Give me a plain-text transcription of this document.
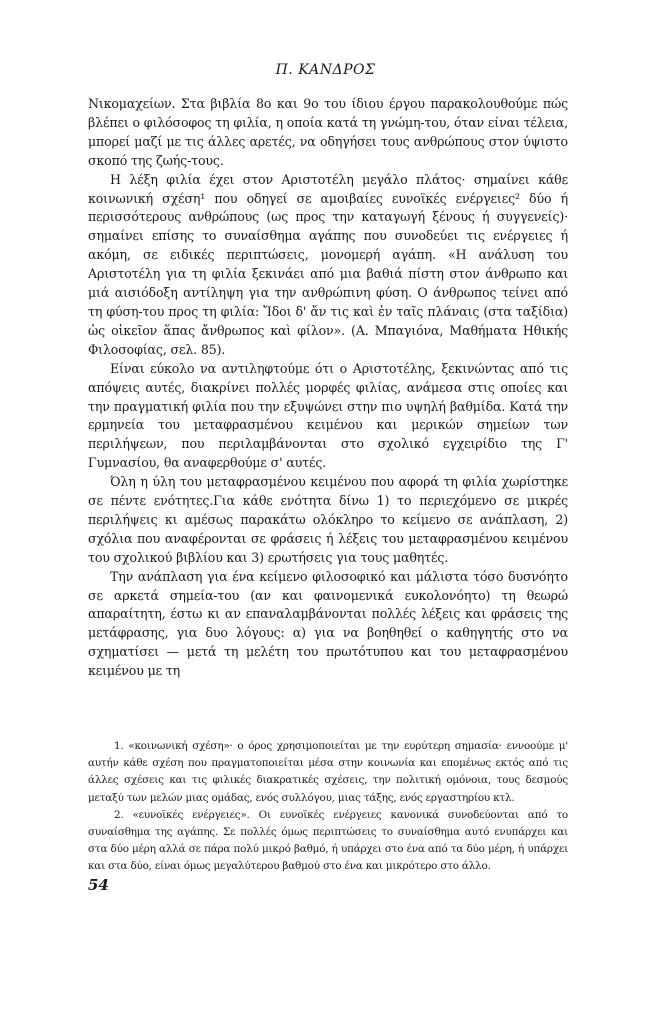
Π. ΚΑΝΔΡΟΣ

Νικομαχείων. Στα βιβλία 8ο και 9ο του ίδιου έργου παρακολουθούμε πώς βλέπει ο φιλόσοφος τη φιλία, η οποία κατά τη γνώμη-του, όταν είναι τέλεια, μπορεί μαζί με τις άλλες αρετές, να οδηγήσει τους ανθρώπους στον ύψιστο σκοπό της ζωής-τους.

Η λέξη φιλία έχει στον Αριστοτέλη μεγάλο πλάτος· σημαίνει κάθε κοινωνική σχέση¹ που οδηγεί σε αμοιβαίες ευνοϊκές ενέργειες² δύο ή περισσότερους ανθρώπους (ως προς την καταγωγή ξένους ή συγγενείς)· σημαίνει επίσης το συναίσθημα αγάπης που συνοδεύει τις ενέργειες ή ακόμη, σε ειδικές περιπτώσεις, μονομερή αγάπη. «Η ανάλυση του Αριστοτέλη για τη φιλία ξεκινάει από μια βαθιά πίστη στον άνθρωπο και μιά αισιόδοξη αντίληψη για την ανθρώπινη φύση. Ο άνθρωπος τείνει από τη φύση-του προς τη φιλία: Ἴδοι δ' ἄν τις καὶ ἐν ταῖς πλάναις (στα ταξίδια) ὡς οἰκεῖον ἅπας ἄνθρωπος καὶ φίλον». (Α. Μπαγιόνα, Μαθήματα Ηθικής Φιλοσοφίας, σελ. 85).

Είναι εύκολο να αντιληφτούμε ότι ο Αριστοτέλης, ξεκινώντας από τις απόψεις αυτές, διακρίνει πολλές μορφές φιλίας, ανάμεσα στις οποίες και την πραγματική φιλία που την εξυψώνει στην πιο υψηλή βαθμίδα. Κατά την ερμηνεία του μεταφρασμένου κειμένου και μερικών σημείων των περιλήψεων, που περιλαμβάνονται στο σχολικό εγχειρίδιο της Γ' Γυμνασίου, θα αναφερθούμε σ' αυτές.

Όλη η ύλη του μεταφρασμένου κειμένου που αφορά τη φιλία χωρίστηκε σε πέντε ενότητες.Για κάθε ενότητα δίνω 1) το περιεχόμενο σε μικρές περιλήψεις κι αμέσως παρακάτω ολόκληρο το κείμενο σε ανάπλαση, 2) σχόλια που αναφέρονται σε φράσεις ή λέξεις του μεταφρασμένου κειμένου του σχολικού βιβλίου και 3) ερωτήσεις για τους μαθητές.

Την ανάπλαση για ένα κείμενο φιλοσοφικό και μάλιστα τόσο δυσνόητο σε αρκετά σημεία-του (αν και φαινομενικά ευκολονόητο) τη θεωρώ απαραίτητη, έστω κι αν επαναλαμβάνονται πολλές λέξεις και φράσεις της μετάφρασης, για δυο λόγους: α) για να βοηθηθεί ο καθηγητής στο να σχηματίσει — μετά τη μελέτη του πρωτότυπου και του μεταφρασμένου κειμένου με τη

1. «κοινωνική σχέση»· ο όρος χρησιμοποιείται με την ευρύτερη σημασία· εννοούμε μ' αυτήν κάθε σχέση που πραγματοποιείται μέσα στην κοινωνία και επομένως εκτός από τις άλλες σχέσεις και τις φιλικές διακρατικές σχέσεις, την πολιτική ομόνοια, τους δεσμούς μεταξύ των μελών μιας ομάδας, ενός συλλόγου, μιας τάξης, ενός εργαστηρίου κτλ.

2. «ευνοϊκές ενέργειες». Οι ευνοϊκές ενέργειες κανονικά συνοδεύονται από το συναίσθημα της αγάπης. Σε πολλές όμως περιπτώσεις το συναίσθημα αυτό ενυπάρχει και στα δύο μέρη αλλά σε πάρα πολύ μικρό βαθμό, ή υπάρχει στο ένα από τα δύο μέρη, ή υπάρχει και στα δύο, είναι όμως μεγαλύτερου βαθμού στο ένα και μικρότερο στο άλλο.

54
